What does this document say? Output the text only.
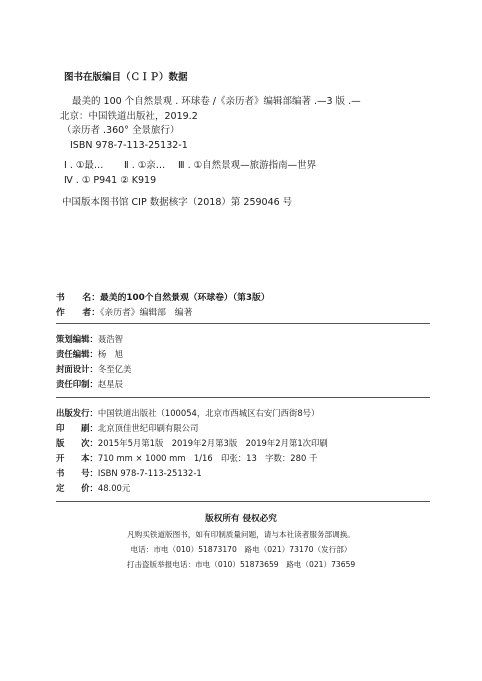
图书在版编目（ＣＩＰ）数据
最美的 100 个自然景观 . 环球卷 /《亲历者》编辑部编著 .—3 版 .—
北京：中国铁道出版社，2019.2
（亲历者 .360° 全景旅行）
ISBN 978-7-113-25132-1
Ⅰ . ①最… Ⅱ . ①亲… Ⅲ . ①自然景观—旅游指南—世界
Ⅳ . ① P941 ② K919
中国版本图书馆 CIP 数据核字（2018）第 259046 号
书　　名：最美的100个自然景观（环球卷）（第3版）
作　　者：《亲历者》编辑部　编著
策划编辑：聂浩智
责任编辑：杨　旭
封面设计：冬至亿美
责任印制：赵星辰
出版发行：中国铁道出版社（100054，北京市西城区右安门西街8号）
印　　刷：北京顶佳世纪印刷有限公司
版　　次：2015年5月第1版　2019年2月第3版　2019年2月第1次印刷
开　　本：710 mm × 1000 mm　1/16　印张：13　字数：280 千
书　　号：ISBN 978-7-113-25132-1
定　　价：48.00元
版权所有 侵权必究
凡购买铁道版图书，如有印制质量问题，请与本社读者服务部调换。
电话：市电（010）51873170　路电（021）73170（发行部）
打击盗版举报电话：市电（010）51873659　路电（021）73659
